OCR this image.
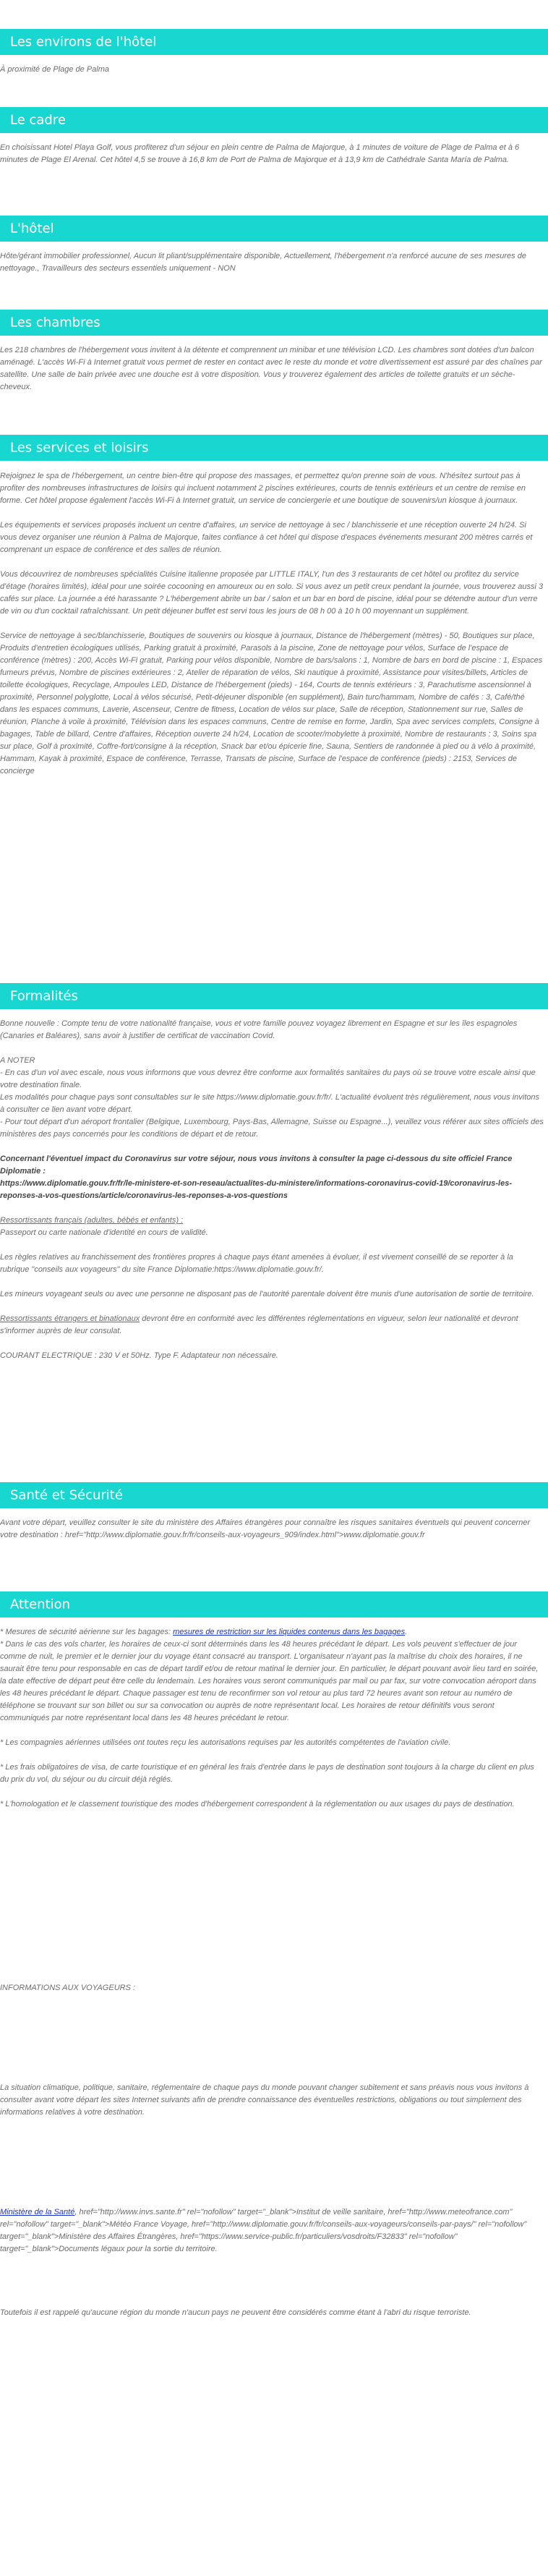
Les environs de l'hôtel

À proximité de Plage de Palma

Le cadre

En choisissant Hotel Playa Golf, vous profiterez d'un séjour en plein centre de Palma de Majorque, à 1 minutes de voiture de Plage de Palma et à 6 minutes de Plage El Arenal. Cet hôtel 4,5 se trouve à 16,8 km de Port de Palma de Majorque et à 13,9 km de Cathédrale Santa María de Palma.

L'hôtel

Hôte/gérant immobilier professionnel, Aucun lit pliant/supplémentaire disponible, Actuellement, l'hébergement n'a renforcé aucune de ses mesures de nettoyage., Travailleurs des secteurs essentiels uniquement - NON

Les chambres

Les 218 chambres de l'hébergement vous invitent à la détente et comprennent un minibar et une télévision LCD. Les chambres sont dotées d'un balcon aménagé. L'accès Wi-Fi à Internet gratuit vous permet de rester en contact avec le reste du monde et votre divertissement est assuré par des chaînes par satellite. Une salle de bain privée avec une douche est à votre disposition. Vous y trouverez également des articles de toilette gratuits et un sèche-cheveux.

Les services et loisirs

Rejoignez le spa de l'hébergement, un centre bien-être qui propose des massages, et permettez qu/on prenne soin de vous. N'hésitez surtout pas à profiter des nombreuses infrastructures de loisirs qui incluent notamment 2 piscines extérieures, courts de tennis extérieurs et un centre de remise en forme. Cet hôtel propose également l'accès Wi-Fi à Internet gratuit, un service de conciergerie et une boutique de souvenirs/un kiosque à journaux.

Les équipements et services proposés incluent un centre d'affaires, un service de nettoyage à sec / blanchisserie et une réception ouverte 24 h/24. Si vous devez organiser une réunion à Palma de Majorque, faites confiance à cet hôtel qui dispose d'espaces événements mesurant 200 mètres carrés et comprenant un espace de conférence et des salles de réunion.

Vous découvrirez de nombreuses spécialités Cuisine italienne proposée par LITTLE ITALY, l'un des 3 restaurants de cet hôtel ou profitez du service d'étage (horaires limités), idéal pour une soirée cocooning en amoureux ou en solo. Si vous avez un petit creux pendant la journée, vous trouverez aussi 3 cafés sur place. La journée a été harassante ? L'hébergement abrite un bar / salon et un bar en bord de piscine, idéal pour se détendre autour d'un verre de vin ou d'un cocktail rafraîchissant. Un petit déjeuner buffet est servi tous les jours de 08 h 00 à 10 h 00 moyennant un supplément.

Service de nettoyage à sec/blanchisserie, Boutiques de souvenirs ou kiosque à journaux, Distance de l'hébergement (mètres) - 50, Boutiques sur place, Produits d'entretien écologiques utilisés, Parking gratuit à proximité, Parasols à la piscine, Zone de nettoyage pour vélos, Surface de l'espace de conférence (mètres) : 200, Accès Wi-Fi gratuit, Parking pour vélos disponible, Nombre de bars/salons : 1, Nombre de bars en bord de piscine : 1, Espaces fumeurs prévus, Nombre de piscines extérieures : 2, Atelier de réparation de vélos, Ski nautique à proximité, Assistance pour visites/billets, Articles de toilette écologiques, Recyclage, Ampoules LED, Distance de l'hébergement (pieds) - 164, Courts de tennis extérieurs : 3, Parachutisme ascensionnel à proximité, Personnel polyglotte, Local à vélos sécurisé, Petit-déjeuner disponible (en supplément), Bain turc/hammam, Nombre de cafés : 3, Café/thé dans les espaces communs, Laverie, Ascenseur, Centre de fitness, Location de vélos sur place, Salle de réception, Stationnement sur rue, Salles de réunion, Planche à voile à proximité, Télévision dans les espaces communs, Centre de remise en forme, Jardin, Spa avec services complets, Consigne à bagages, Table de billard, Centre d'affaires, Réception ouverte 24 h/24, Location de scooter/mobylette à proximité, Nombre de restaurants : 3, Soins spa sur place, Golf à proximité, Coffre-fort/consigne à la réception, Snack bar et/ou épicerie fine, Sauna, Sentiers de randonnée à pied ou à vélo à proximité, Hammam, Kayak à proximité, Espace de conférence, Terrasse, Transats de piscine, Surface de l'espace de conférence (pieds) : 2153, Services de concierge

Formalités

Bonne nouvelle : Compte tenu de votre nationalité française, vous et votre famille pouvez voyagez librement en Espagne et sur les îles espagnoles (Canaries et Baléares), sans avoir à justifier de certificat de vaccination Covid.

A NOTER

- En cas d'un vol avec escale, nous vous informons que vous devrez être conforme aux formalités sanitaires du pays où se trouve votre escale ainsi que votre destination finale.

Les modalités pour chaque pays sont consultables sur le site https://www.diplomatie.gouv.fr/fr/. L'actualité évoluent très régulièrement, nous vous invitons à consulter ce lien avant votre départ.

- Pour tout départ d'un aéroport frontalier (Belgique, Luxembourg, Pays-Bas, Allemagne, Suisse ou Espagne...), veuillez vous référer aux sites officiels des ministères des pays concernés pour les conditions de départ et de retour.

Concernant l'éventuel impact du Coronavirus sur votre séjour, nous vous invitons à consulter la page ci-dessous du site officiel France Diplomatie :

https://www.diplomatie.gouv.fr/fr/le-ministere-et-son-reseau/actualites-du-ministere/informations-coronavirus-covid-19/coronavirus-les-reponses-a-vos-questions/article/coronavirus-les-reponses-a-vos-questions

Ressortissants français (adultes, bébés et enfants) :

Passeport ou carte nationale d'identité en cours de validité.

Les règles relatives au franchissement des frontières propres à chaque pays étant amenées à évoluer, il est vivement conseillé de se reporter à la rubrique "conseils aux voyageurs" du site France Diplomatie:https://www.diplomatie.gouv.fr/.

Les mineurs voyageant seuls ou avec une personne ne disposant pas de l'autorité parentale doivent être munis d'une autorisation de sortie de territoire.

Ressortissants étrangers et binationaux devront être en conformité avec les différentes réglementations en vigueur, selon leur nationalité et devront s'informer auprès de leur consulat.

COURANT ELECTRIQUE : 230 V et 50Hz. Type F. Adaptateur non nécessaire.

Santé et Sécurité

Avant votre départ, veuillez consulter le site du ministère des Affaires étrangères pour connaître les risques sanitaires éventuels qui peuvent concerner votre destination : href="http://www.diplomatie.gouv.fr/fr/conseils-aux-voyageurs_909/index.html">www.diplomatie.gouv.fr

Attention

* Mesures de sécurité aérienne sur les bagages: mesures de restriction sur les liquides contenus dans les bagages.

* Dans le cas des vols charter, les horaires de ceux-ci sont déterminés dans les 48 heures précédant le départ. Les vols peuvent s'effectuer de jour comme de nuit, le premier et le dernier jour du voyage étant consacré au transport. L'organisateur n'ayant pas la maîtrise du choix des horaires, il ne saurait être tenu pour responsable en cas de départ tardif et/ou de retour matinal le dernier jour. En particulier, le départ pouvant avoir lieu tard en soirée, la date effective de départ peut être celle du lendemain. Les horaires vous seront communiqués par mail ou par fax, sur votre convocation aéroport dans les 48 heures précédant le départ. Chaque passager est tenu de reconfirmer son vol retour au plus tard 72 heures avant son retour au numéro de téléphone se trouvant sur son billet ou sur sa convocation ou auprès de notre représentant local. Les horaires de retour définitifs vous seront communiqués par notre représentant local dans les 48 heures précédant le retour.

* Les compagnies aériennes utilisées ont toutes reçu les autorisations requises par les autorités compétentes de l'aviation civile.

* Les frais obligatoires de visa, de carte touristique et en général les frais d'entrée dans le pays de destination sont toujours à la charge du client en plus du prix du vol, du séjour ou du circuit déjà réglés.

* L'homologation et le classement touristique des modes d'hébergement correspondent à la réglementation ou aux usages du pays de destination.

INFORMATIONS AUX VOYAGEURS :

La situation climatique, politique, sanitaire, réglementaire de chaque pays du monde pouvant changer subitement et sans préavis nous vous invitons à consulter avant votre départ les sites Internet suivants afin de prendre connaissance des éventuelles restrictions, obligations ou tout simplement des informations relatives à votre destination.

Ministère de la Santé, href="http://www.invs.sante.fr" rel="nofollow" target="_blank">Institut de veille sanitaire, href="http://www.meteofrance.com" rel="nofollow" target="_blank">Météo France Voyage, href="http://www.diplomatie.gouv.fr/fr/conseils-aux-voyageurs/conseils-par-pays/" rel="nofollow" target="_blank">Ministère des Affaires Étrangères, href="https://www.service-public.fr/particuliers/vosdroits/F32833" rel="nofollow" target="_blank">Documents légaux pour la sortie du territoire.

Toutefois il est rappelé qu'aucune région du monde n'aucun pays ne peuvent être considérés comme étant à l'abri du risque terroriste.
